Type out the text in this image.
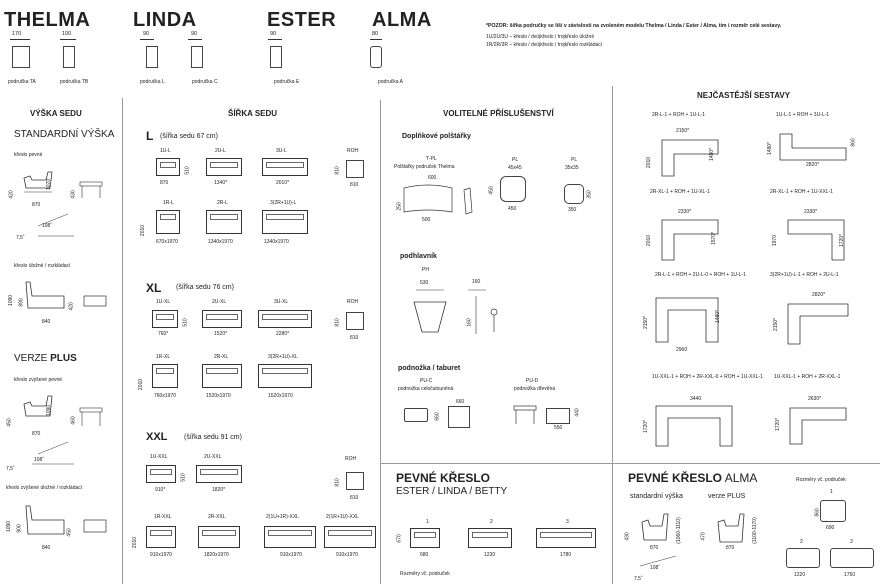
THELMA LINDA	ESTER ALMA
170
područka TA
100
područka TB
90
područka L
90
područka C
90
područka E
80
područka A
*POZOR: šířka područky se liší v závislosti na zvoleném modelu Thelma / Linda / Ester / Alma, tím i rozměr celé sestavy.
1U/2U/3U – křeslo / dvojkřeslo / trojkřeslo úložné
1R/2R/3R – křeslo / dvojkřeslo / trojkřeslo rozkládací
VÝŠKA SEDU
STANDARDNÍ VÝŠKA
křeslo pevné
420
1070
430
870
108˚
7,5˚
křeslo úložné / rozkládací
1090 890
840
420
VERZE PLUS
křeslo zvýšené pevné
450
1090
460
870
108˚
7,5˚
křeslo zvýšené úložné / rozkládací
1090 900
840
450
ŠÍŘKA SEDU
L (šířka sedu 67 cm)
1U-L
870
510
2U-L
1340*
3U-L
2010*
ROH
810
810
1R-L
670x1970
2010
2R-L
1340x1970
3(2R+1U)-L
1340x1970
XL (šířka sedu 76 cm)
1U-XL
760*
510
2U-XL
1520*
3U-XL
2280*
ROH
810
810
1R-XL
760x1970
2010
2R-XL
1520x1970
3(2R+1U)-XL
1520x1970
XXL (šířka sedu 91 cm)
1U-XXL
910*
510
2U-XXL
1820*
ROH
810
810
1R-XXL
910x1970
2010
2R-XXL
1820x1970
2(1U+1R)-XXL
910x1970
2(1R+1U)-XXL
910x1970
VOLITELNÉ PŘÍSLUŠENSTVÍ
Doplňkové polštářky
T-PL
Polštářky područek Thelma
600
250
500
PL
45x45
450
450
PL
35x35
350
350
podhlavník
PH
530	160
160
podnožka / taburet
PU-C
podnožka celočalouněná
660
660
PU-D
podnožka dřevěná
440
550
NEJČASTĚJŠÍ SESTAVY
2R-L-1 + ROH + 1U-L-1
2150*
2010
1480*
1U-L-1 + ROH + 3U-L-1
1480*	860
2820*
2R-XL-1 + ROH + 1U-XL-1
2330*
2010	1570*
2R-XL-1 + ROH + 1U-XXL-1
2330*
1970	1720*
2R-L-1 + ROH + 2U-L-0 + ROH + 1U-L-1
2150*	1480*
2960
3(2R+1U)-L-1 + ROH + 2U-L-1
2820*
2150*
1U-XXL-1 + ROH + 2R-XXL-0 + ROH + 1U-XXL-1
3440
1720*
1U-XXL-1 + ROH + 2R-XXL-1
2630*
1720*
PEVNÉ KŘESLO
ESTER / LINDA / BETTY
1
680
670
2
1230
3
1780
Rozměry vč. područek
PEVNÉ KŘESLO ALMA
standardní výška	verze PLUS
Rozměry vč. područek
430	(1060-1110)
870
108˚
7,5˚
470	(1100-1170)
870
1
860
690
2
1220
3
1750
